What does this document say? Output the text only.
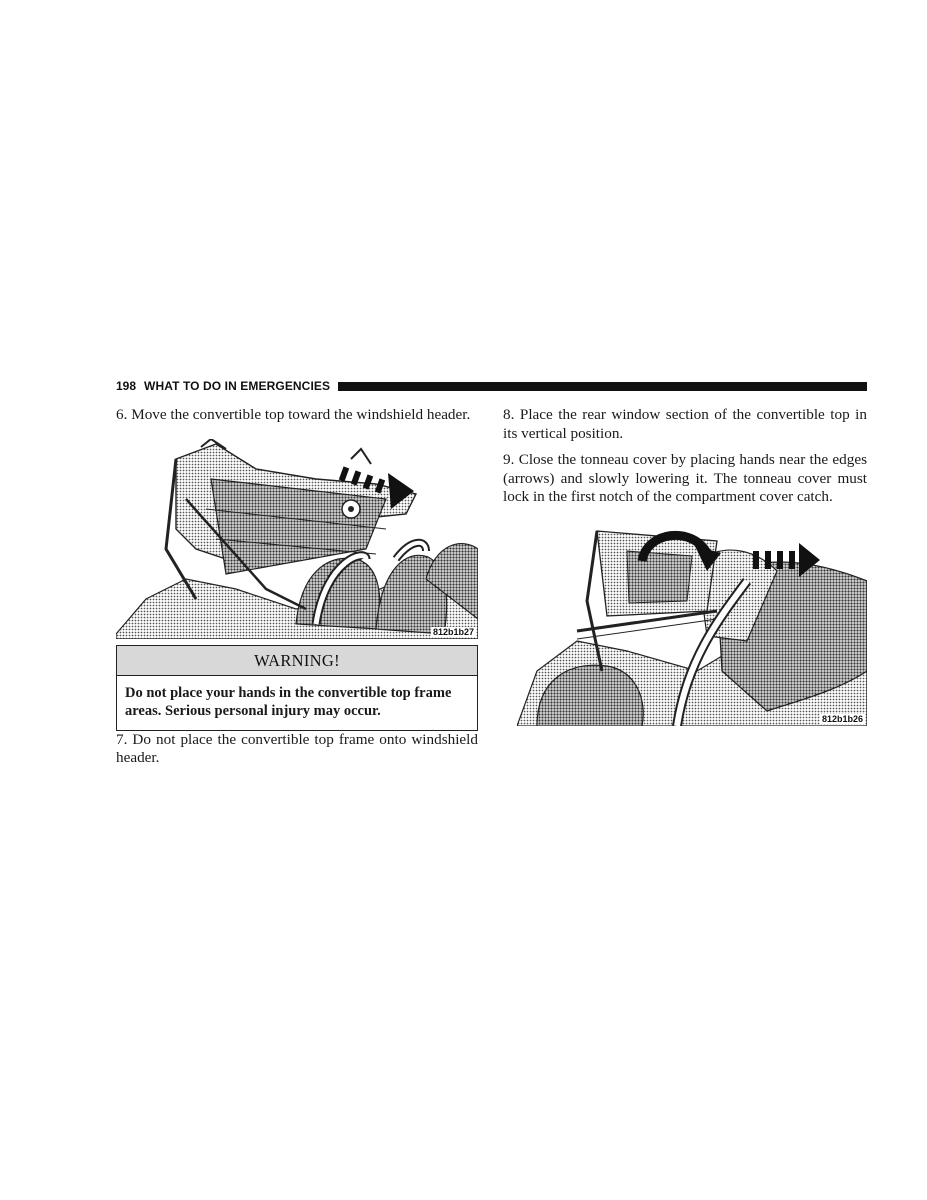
198 WHAT TO DO IN EMERGENCIES

6. Move the convertible top toward the windshield header.

812b1b27
WARNING!
Do not place your hands in the convertible top frame areas. Serious personal injury may occur.

7. Do not place the convertible top frame onto windshield header.

8. Place the rear window section of the convertible top in its vertical position.

9. Close the tonneau cover by placing hands near the edges (arrows) and slowly lowering it. The tonneau cover must lock in the first notch of the compartment cover catch.

812b1b26
